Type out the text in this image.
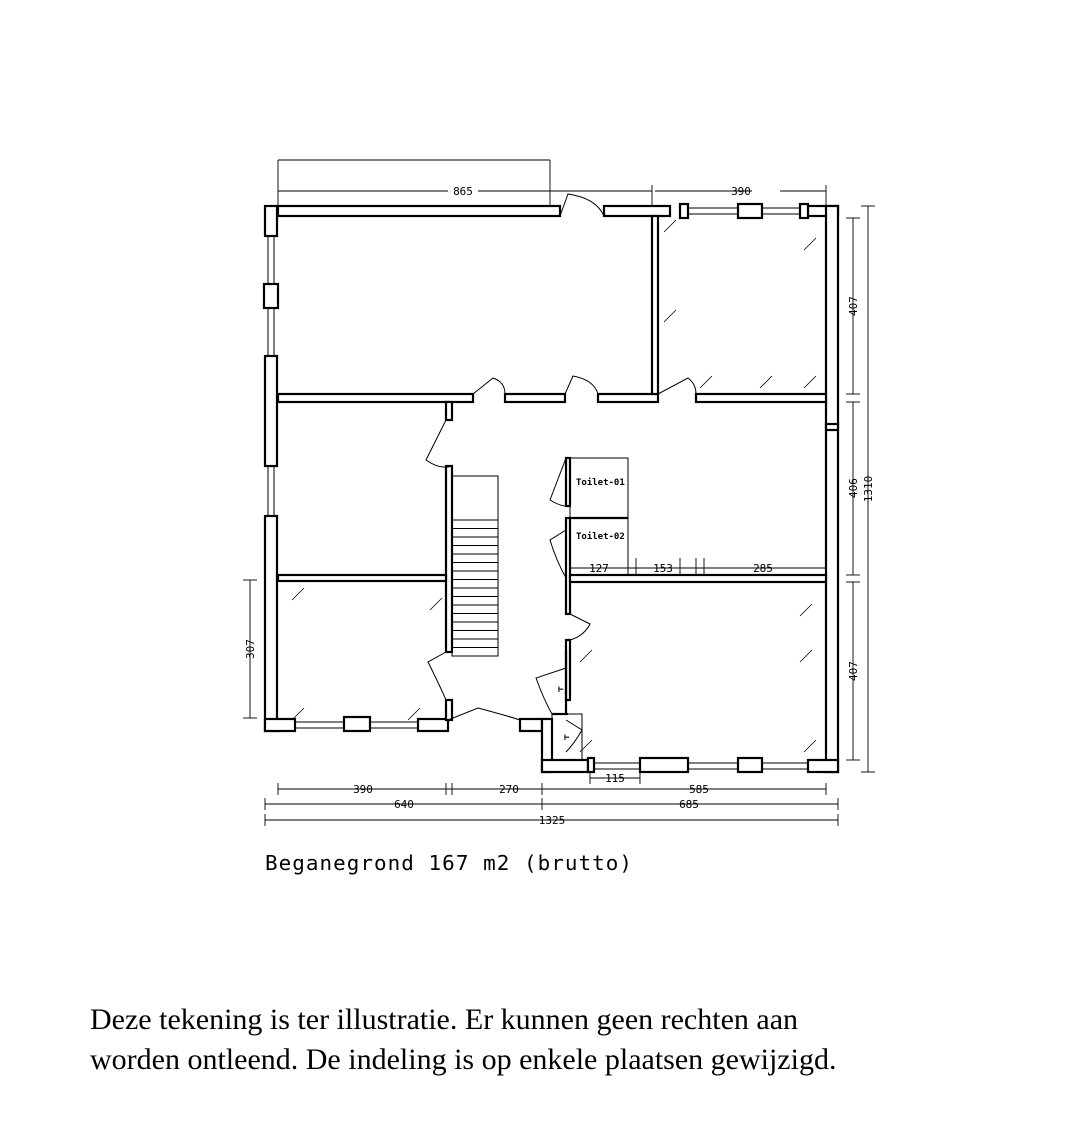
865	390
407
406
407
1310
307
127	153	285
115
390	270	585
640	685
1325
Toilet-01
Toilet-02
⊢
⊢
Beganegrond 167 m2 (brutto)
Deze tekening is ter illustratie. Er kunnen geen rechten aan
worden ontleend. De indeling is op enkele plaatsen gewijzigd.
